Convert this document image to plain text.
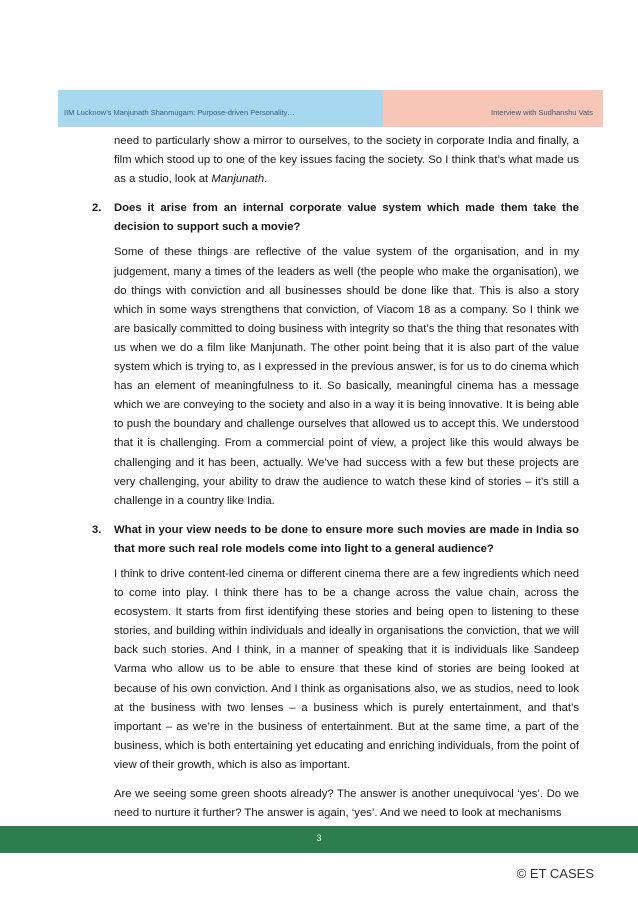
IIM Lucknow’s Manjunath Shanmugam: Purpose-driven Personality…	Interview with Sudhanshu Vats

need to particularly show a mirror to ourselves, to the society in corporate India and finally, a film which stood up to one of the key issues facing the society. So I think that’s what made us as a studio, look at Manjunath.

2. Does it arise from an internal corporate value system which made them take the decision to support such a movie?

Some of these things are reflective of the value system of the organisation, and in my judgement, many a times of the leaders as well (the people who make the organisation), we do things with conviction and all businesses should be done like that. This is also a story which in some ways strengthens that conviction, of Viacom 18 as a company. So I think we are basically committed to doing business with integrity so that’s the thing that resonates with us when we do a film like Manjunath. The other point being that it is also part of the value system which is trying to, as I expressed in the previous answer, is for us to do cinema which has an element of meaningfulness to it. So basically, meaningful cinema has a message which we are conveying to the society and also in a way it is being innovative. It is being able to push the boundary and challenge ourselves that allowed us to accept this. We understood that it is challenging. From a commercial point of view, a project like this would always be challenging and it has been, actually. We’ve had success with a few but these projects are very challenging, your ability to draw the audience to watch these kind of stories – it’s still a challenge in a country like India.

3. What in your view needs to be done to ensure more such movies are made in India so that more such real role models come into light to a general audience?

I think to drive content-led cinema or different cinema there are a few ingredients which need to come into play. I think there has to be a change across the value chain, across the ecosystem. It starts from first identifying these stories and being open to listening to these stories, and building within individuals and ideally in organisations the conviction, that we will back such stories. And I think, in a manner of speaking that it is individuals like Sandeep Varma who allow us to be able to ensure that these kind of stories are being looked at because of his own conviction. And I think as organisations also, we as studios, need to look at the business with two lenses – a business which is purely entertainment, and that’s important – as we’re in the business of entertainment. But at the same time, a part of the business, which is both entertaining yet educating and enriching individuals, from the point of view of their growth, which is also as important.

Are we seeing some green shoots already? The answer is another unequivocal ‘yes’. Do we need to nurture it further? The answer is again, ‘yes’. And we need to look at mechanisms

3
© ET CASES
